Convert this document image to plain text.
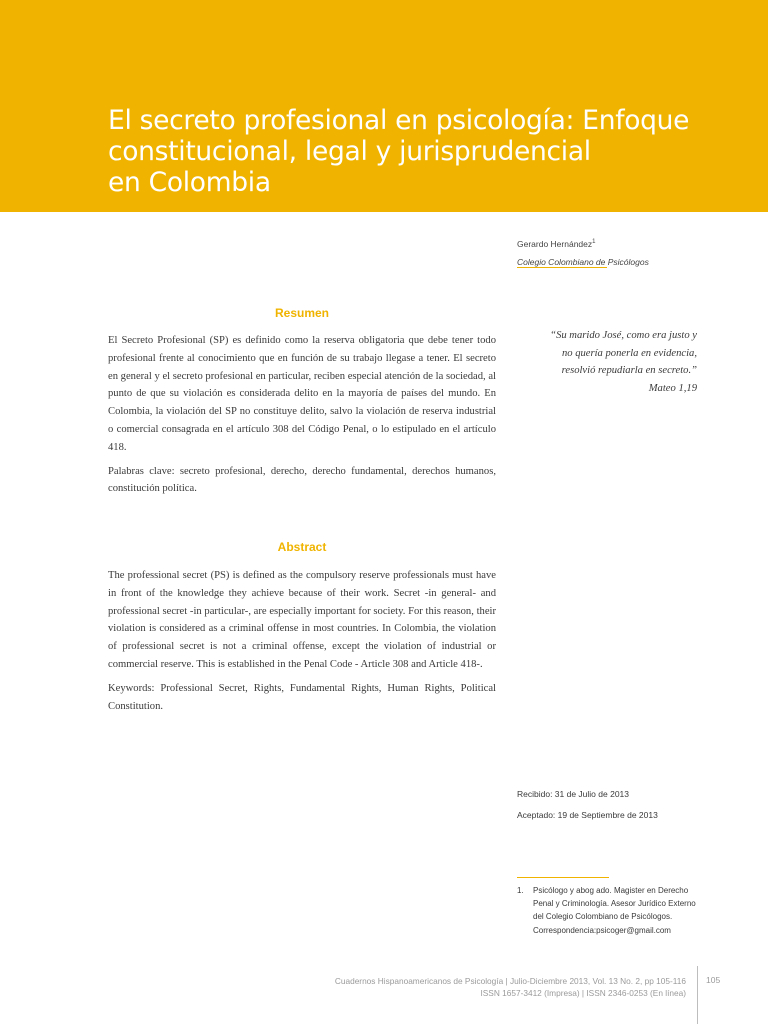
El secreto profesional en psicología: Enfoque
constitucional, legal y jurisprudencial
en Colombia
Gerardo Hernández$^1$
Colegio Colombiano de Psicólogos
Resumen

El Secreto Profesional (SP) es definido como la reserva obligatoria que debe tener todo profesional frente al conocimiento que en función de su trabajo llegase a tener. El secreto en general y el secreto profesional en particular, reciben especial atención de la sociedad, al punto de que su violación es considerada delito en la mayoría de países del mundo. En Colombia, la violación del SP no constituye delito, salvo la violación de reserva industrial o comercial consagrada en el artículo 308 del Código Penal, o lo estipulado en el artículo 418.

Palabras clave: secreto profesional, derecho, derecho fundamental, derechos humanos, constitución política.

Abstract

The professional secret (PS) is defined as the compulsory reserve professionals must have in front of the knowledge they achieve because of their work. Secret -in general- and professional secret -in particular-, are especially important for society. For this reason, their violation is considered as a criminal offense in most countries. In Colombia, the violation of professional secret is not a criminal offense, except the violation of industrial or commercial reserve. This is established in the Penal Code - Article 308 and Article 418-.

Keywords: Professional Secret, Rights, Fundamental Rights, Human Rights, Political Constitution.

“Su marido José, como era justo y
no quería ponerla en evidencia,
resolvió repudiarla en secreto.”
Mateo 1,19
Recibido: 31 de Julio de 2013
Aceptado: 19 de Septiembre de 2013
1. Psicólogo y abog ado. Magister en Derecho
Penal y Criminología. Asesor Jurídico Externo
del Colegio Colombiano de Psicólogos.
Correspondencia:psicoger@gmail.com
Cuadernos Hispanoamericanos de Psicología | Julio-Diciembre 2013, Vol. 13 No. 2, pp 105-116
ISSN 1657-3412 (Impresa) | ISSN 2346-0253 (En línea)
105
